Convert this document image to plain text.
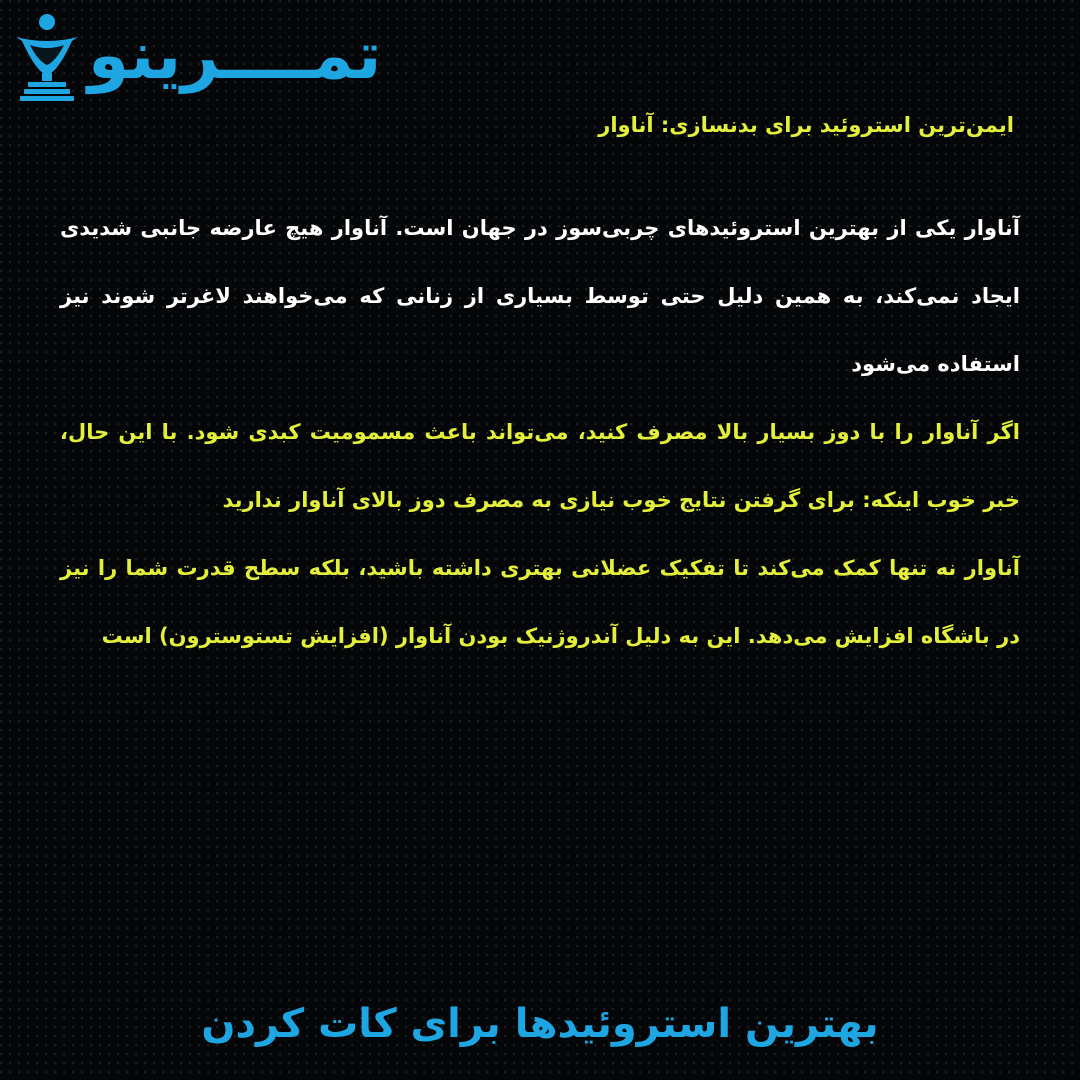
تمــــرینو
ایمن‌ترین استروئید برای بدنسازی: آناوار

آناوار یکی از بهترین استروئیدهای چربی‌سوز در جهان است. آناوار هیچ عارضه جانبی شدیدی ایجاد نمی‌کند، به همین دلیل حتی توسط بسیاری از زنانی که می‌خواهند لاغرتر شوند نیز استفاده می‌شود

اگر آناوار را با دوز بسیار بالا مصرف کنید، می‌تواند باعث مسمومیت کبدی شود. با این حال، خبر خوب اینکه: برای گرفتن نتایج خوب نیازی به مصرف دوز بالای آناوار ندارید

آناوار نه تنها کمک می‌کند تا تفکیک عضلانی بهتری داشته باشید، بلکه سطح قدرت شما را نیز در باشگاه افزایش می‌دهد. این به دلیل آندروژنیک بودن آناوار (افزایش تستوسترون) است

بهترین استروئیدها برای کات کردن
